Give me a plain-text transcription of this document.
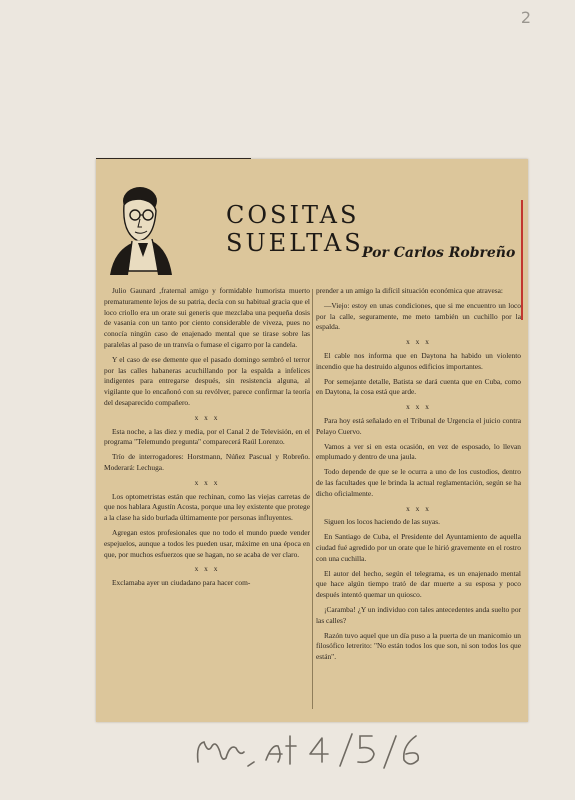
2
COSITAS SUELTAS
Por Carlos Robreño

Julio Gaunard ,fraternal amigo y formidable humorista muerto prematuramente lejos de su patria, decía con su habitual gracia que el loco criollo era un orate sui generis que mezclaba una pequeña dosis de vasania con un tanto por ciento considerable de viveza, pues no conocía ningún caso de enajenado mental que se tirase sobre las paralelas al paso de un tranvía o fumase el cigarro por la candela.

Y el caso de ese demente que el pasado domingo sembró el terror por las calles habaneras acuchillando por la espalda a infelices indigentes para entregarse después, sin resistencia alguna, al vigilante que lo encañonó con su revólver, parece confirmar la teoría del desaparecido compañero.

x x x

Esta noche, a las diez y media, por el Canal 2 de Televisión, en el programa "Telemundo pregunta" comparecerá Raúl Lorenzo.

Trío de interrogadores: Horstmann, Núñez Pascual y Robreño. Moderará: Lechuga.

x x x

Los optometristas están que rechinan, como las viejas carretas de que nos hablara Agustín Acosta, porque una ley existente que protege a la clase ha sido burlada últimamente por personas influyentes.

Agregan estos profesionales que no todo el mundo puede vender espejuelos, aunque a todos les pueden usar, máxime en una época en que, por muchos esfuerzos que se hagan, no se acaba de ver claro.

x x x

Exclamaba ayer un ciudadano para hacer com-

prender a un amigo la difícil situación económica que atravesa:

—Viejo: estoy en unas condiciones, que si me encuentro un loco por la calle, seguramente, me meto también un cuchillo por la espalda.

x x x

El cable nos informa que en Daytona ha habido un violento incendio que ha destruido algunos edificios importantes.

Por semejante detalle, Batista se dará cuenta que en Cuba, como en Daytona, la cosa está que arde.

x x x

Para hoy está señalado en el Tribunal de Urgencia el juicio contra Pelayo Cuervo.

Vamos a ver si en esta ocasión, en vez de esposado, lo llevan emplumado y dentro de una jaula.

Todo depende de que se le ocurra a uno de los custodios, dentro de las facultades que le brinda la actual reglamentación, según se ha dicho oficialmente.

x x x

Siguen los locos haciendo de las suyas.

En Santiago de Cuba, el Presidente del Ayuntamiento de aquella ciudad fué agredido por un orate que le hirió gravemente en el rostro con una cuchilla.

El autor del hecho, según el telegrama, es un enajenado mental que hace algún tiempo trató de dar muerte a su esposa y poco después intentó quemar un quiosco.

¡Caramba! ¿Y un individuo con tales antecedentes anda suelto por las calles?

Razón tuvo aquel que un día puso a la puerta de un manicomio un filosófico letrerito: "No están todos los que son, ni son todos los que están".
